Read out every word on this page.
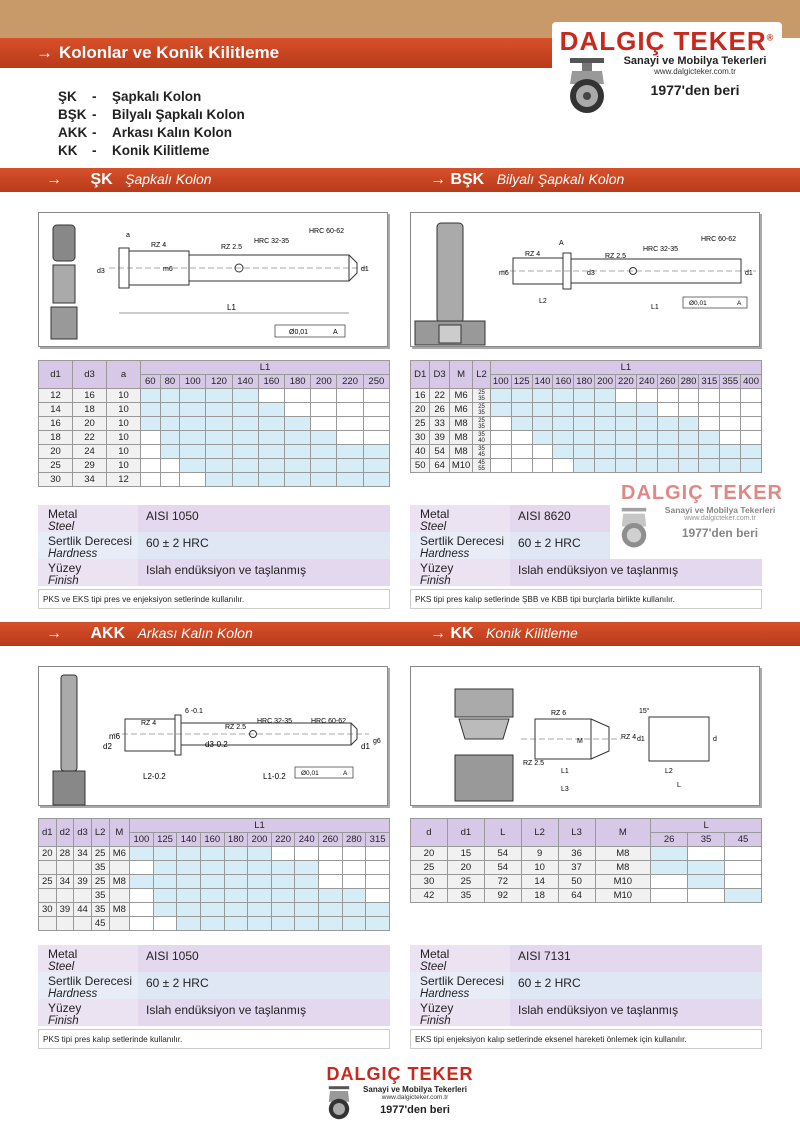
→ Kolonlar ve Konik Kilitleme	DALGIÇ TEKER®
Sanayi ve Mobilya Tekerleri
www.dalgicteker.com.tr
1977'den beri
ŞK	-	Şapkalı Kolon
BŞK -	Bilyalı Şapkalı Kolon
AKK -	Arkası Kalın Kolon
KK	-	Konik Kilitleme
→ ŞK Şapkalı Kolon	→ BŞK Bilyalı Şapkalı Kolon
L1
RZ 4	RZ 2.5
HRC 32-35
HRC 60-62
a
d3	d1
m6
Ø0,01	A
RZ 4	RZ 2.5
HRC 32-35
HRC 60-62
L1
L2
d3	d1
m6
A
Ø0,01	A
d1	d3	a	L1									
			60	80	100	120	140	160	180	200	220	250
12	16	10										
14	18	10										
16	20	10										
18	22	10										
20	24	10										
25	29	10										
30	34	12										
D1	D3	M	L2	L1												
				100	125	140	160	180	200	220	240	260	280	315	355	400
16	22	M6	25
35													

20	26	M6	25
35													

25	33	M8	25
35													

30	39	M8	35
40													

40	54	M8	35
45													

50	64	M10	45
55													

DALGIÇ TEKER
Sanayi ve Mobilya Tekerleri
www.dalgicteker.com.tr
1977'den beri
Metal
Steel
AISI 1050
Sertlik Derecesi
Hardness
60 ± 2 HRC
Yüzey
Finish
Islah endüksiyon ve taşlanmış
PKS ve EKS tipi pres ve enjeksiyon setlerinde kullanılır.
Metal
Steel
AISI 8620
Sertlik Derecesi
Hardness
60 ± 2 HRC
Yüzey
Finish
Islah endüksiyon ve taşlanmış
PKS tipi pres kalıp setlerinde ŞBB ve KBB tipi burçlarla birlikte kullanılır.
→ AKK Arkası Kalın Kolon	→ KK Konik Kilitleme
RZ 4
RZ 2.5
HRC 32-35	HRC 60-62
6 -0.1
d3-0.2
d2
m6
d1
g6
L2-0.2	L1-0.2 Ø0,01	A
RZ 6
RZ 4
RZ 2.5
L1
L3
L2
L
d
d1
M
15°
d1	d2	d3	L2	M	L1										
					100	125	140	160	180	200	220	240	260	280	315
20	28	34	25	M6											
			35												
25	34	39	25	M8											
			35												
30	39	44	35	M8											
			45												
d	d1	L	L2	L3	M	L		
						26	35	45
20	15	54	9	36	M8			
25	20	54	10	37	M8			
30	25	72	14	50	M10			
42	35	92	18	64	M10			
Metal
Steel
AISI 1050
Sertlik Derecesi
Hardness
60 ± 2 HRC
Yüzey
Finish
Islah endüksiyon ve taşlanmış
PKS tipi pres kalıp setlerinde kullanılır.
Metal
Steel
AISI 7131
Sertlik Derecesi
Hardness
60 ± 2 HRC
Yüzey
Finish
Islah endüksiyon ve taşlanmış
EKS tipi enjeksiyon kalıp setlerinde eksenel hareketi önlemek için kullanılır.
DALGIÇ TEKER
Sanayi ve Mobilya Tekerleri
www.dalgicteker.com.tr
1977'den beri
